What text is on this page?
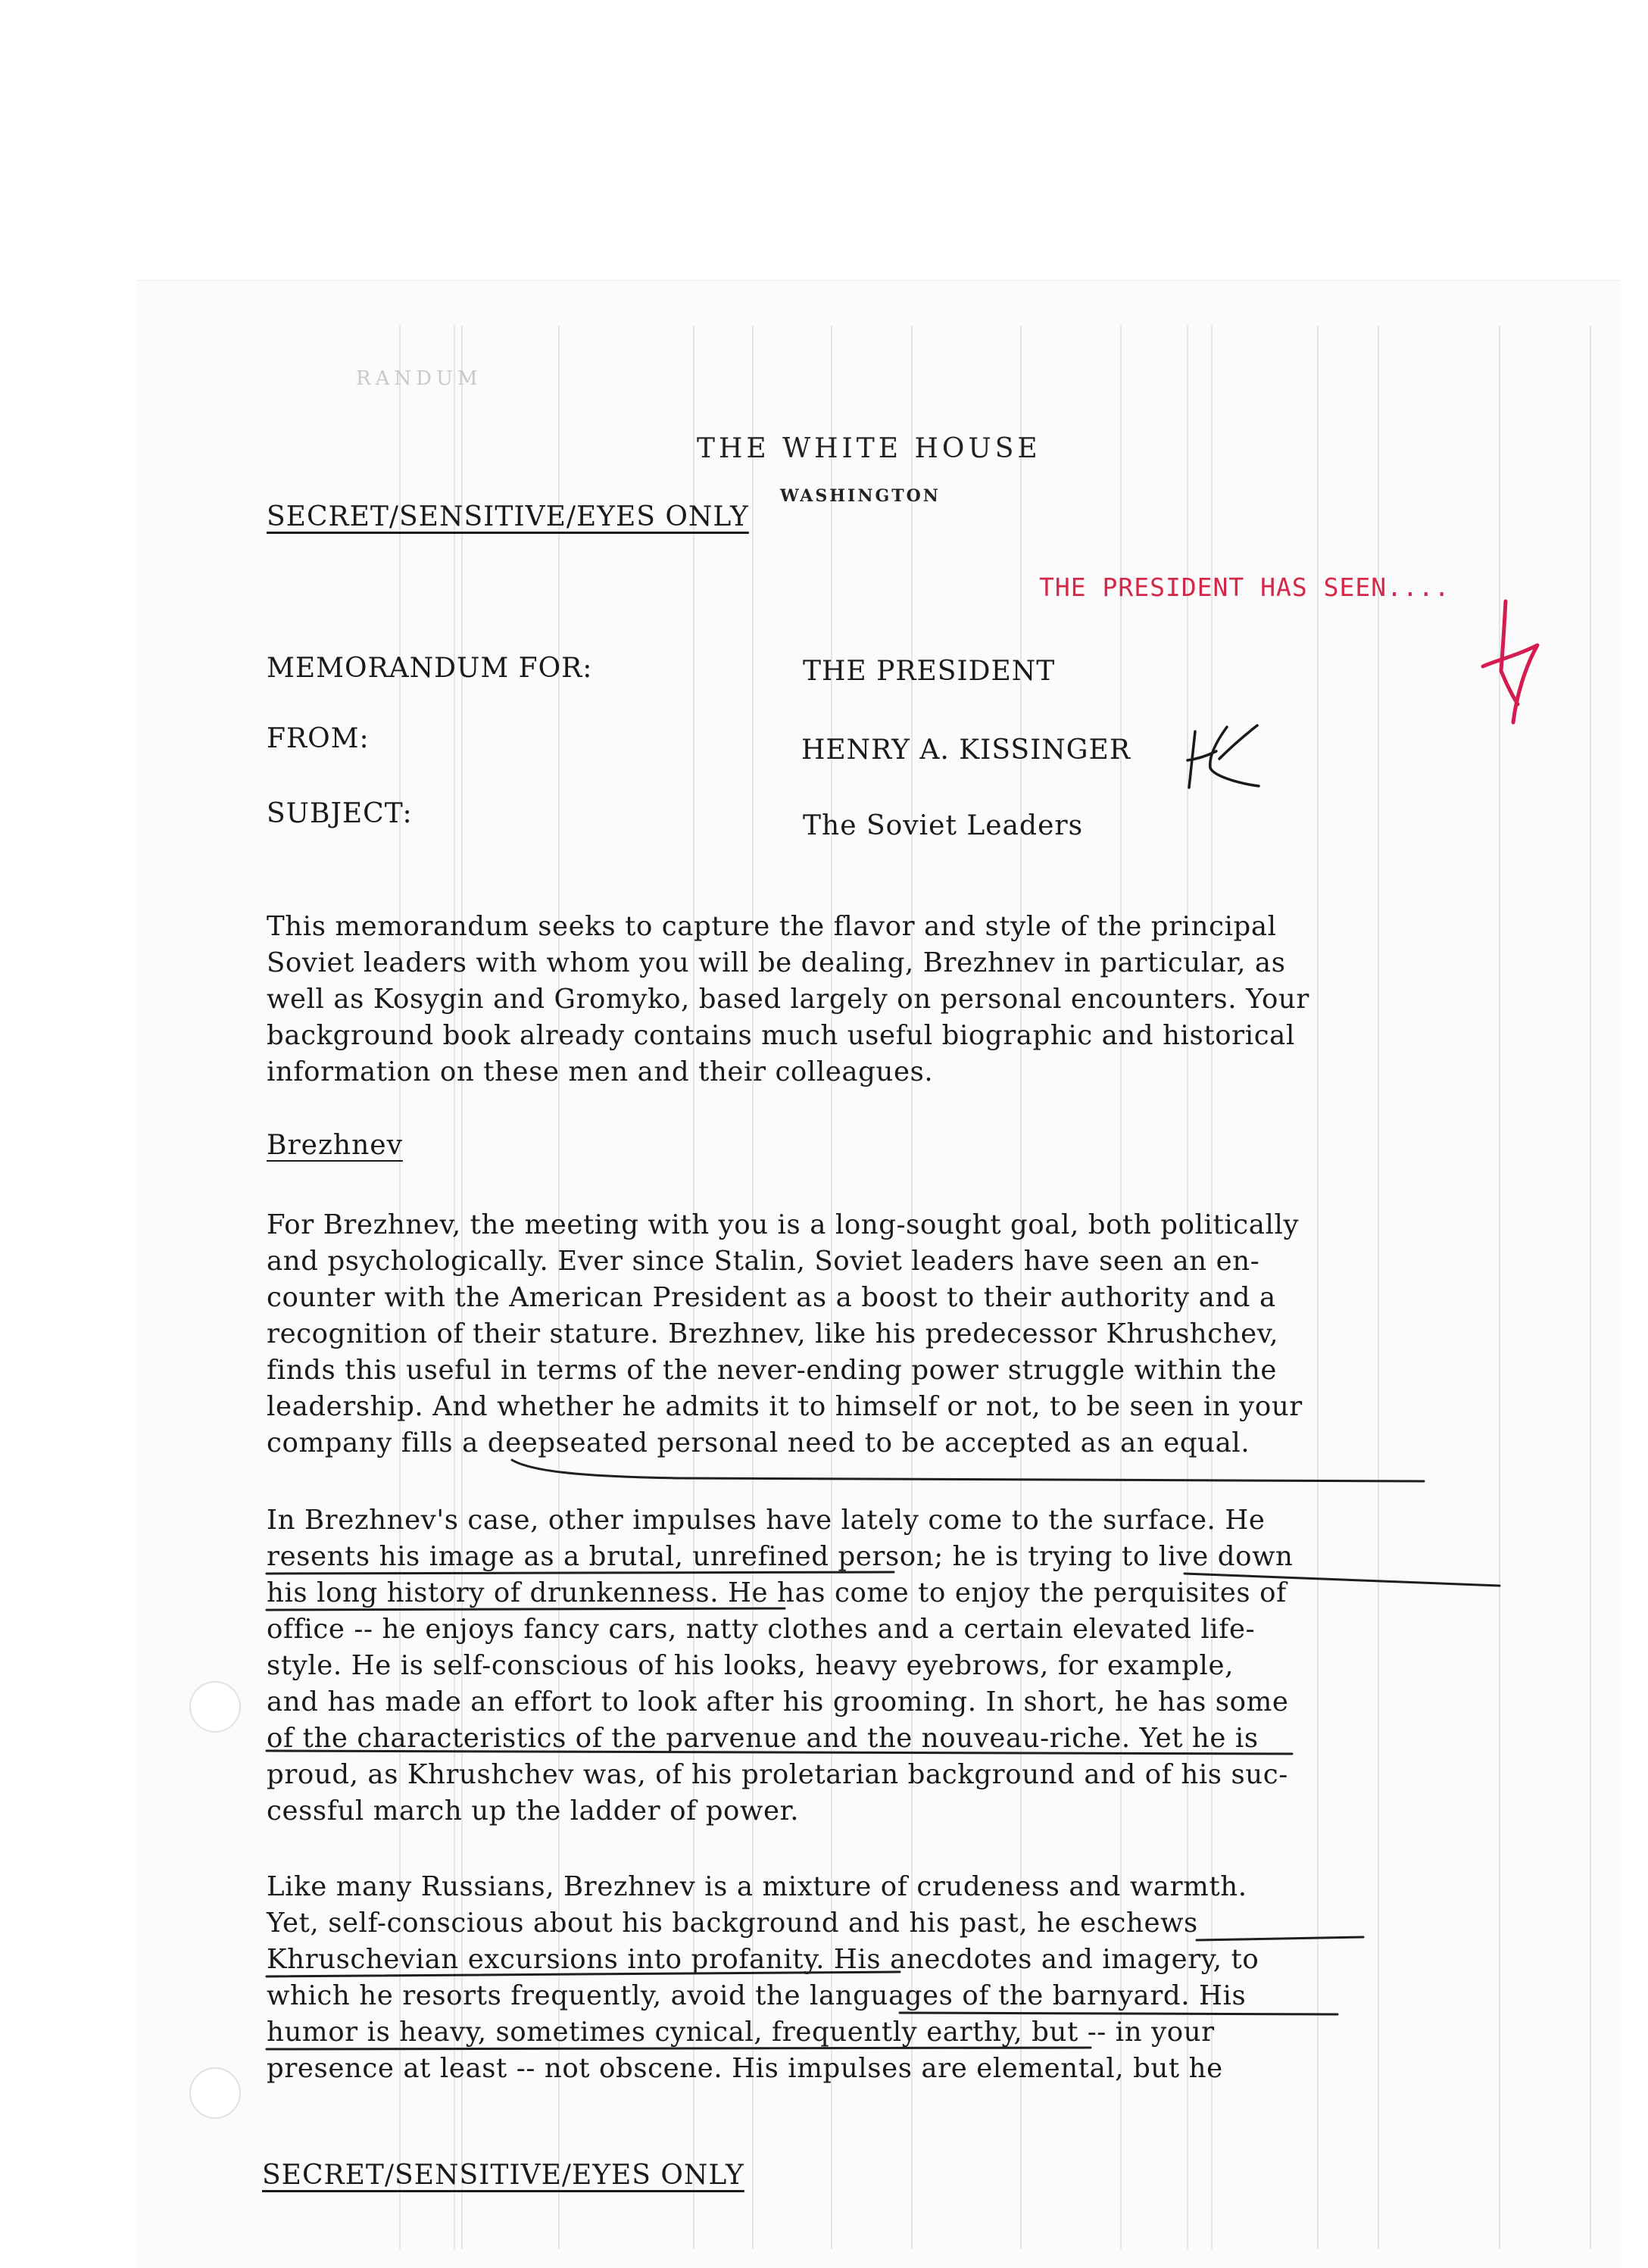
RANDUM
THE WHITE HOUSE
WASHINGTON
SECRET/SENSITIVE/EYES ONLY
THE PRESIDENT HAS SEEN....
MEMORANDUM FOR:	THE PRESIDENT
FROM:	HENRY A. KISSINGER
SUBJECT:	The Soviet Leaders
This memorandum seeks to capture the flavor and style of the principal
Soviet leaders with whom you will be dealing, Brezhnev in particular, as
well as Kosygin and Gromyko, based largely on personal encounters. Your
background book already contains much useful biographic and historical
information on these men and their colleagues.
Brezhnev
For Brezhnev, the meeting with you is a long-sought goal, both politically
and psychologically. Ever since Stalin, Soviet leaders have seen an en-
counter with the American President as a boost to their authority and a
recognition of their stature. Brezhnev, like his predecessor Khrushchev,
finds this useful in terms of the never-ending power struggle within the
leadership. And whether he admits it to himself or not, to be seen in your
company fills a deepseated personal need to be accepted as an equal.
In Brezhnev's case, other impulses have lately come to the surface. He
resents his image as a brutal, unrefined person; he is trying to live down
his long history of drunkenness. He has come to enjoy the perquisites of
office -- he enjoys fancy cars, natty clothes and a certain elevated life-
style. He is self-conscious of his looks, heavy eyebrows, for example,
and has made an effort to look after his grooming. In short, he has some
of the characteristics of the parvenue and the nouveau-riche. Yet he is
proud, as Khrushchev was, of his proletarian background and of his suc-
cessful march up the ladder of power.
Like many Russians, Brezhnev is a mixture of crudeness and warmth.
Yet, self-conscious about his background and his past, he eschews
Khruschevian excursions into profanity. His anecdotes and imagery, to
which he resorts frequently, avoid the languages of the barnyard. His
humor is heavy, sometimes cynical, frequently earthy, but -- in your
presence at least -- not obscene. His impulses are elemental, but he
SECRET/SENSITIVE/EYES ONLY
